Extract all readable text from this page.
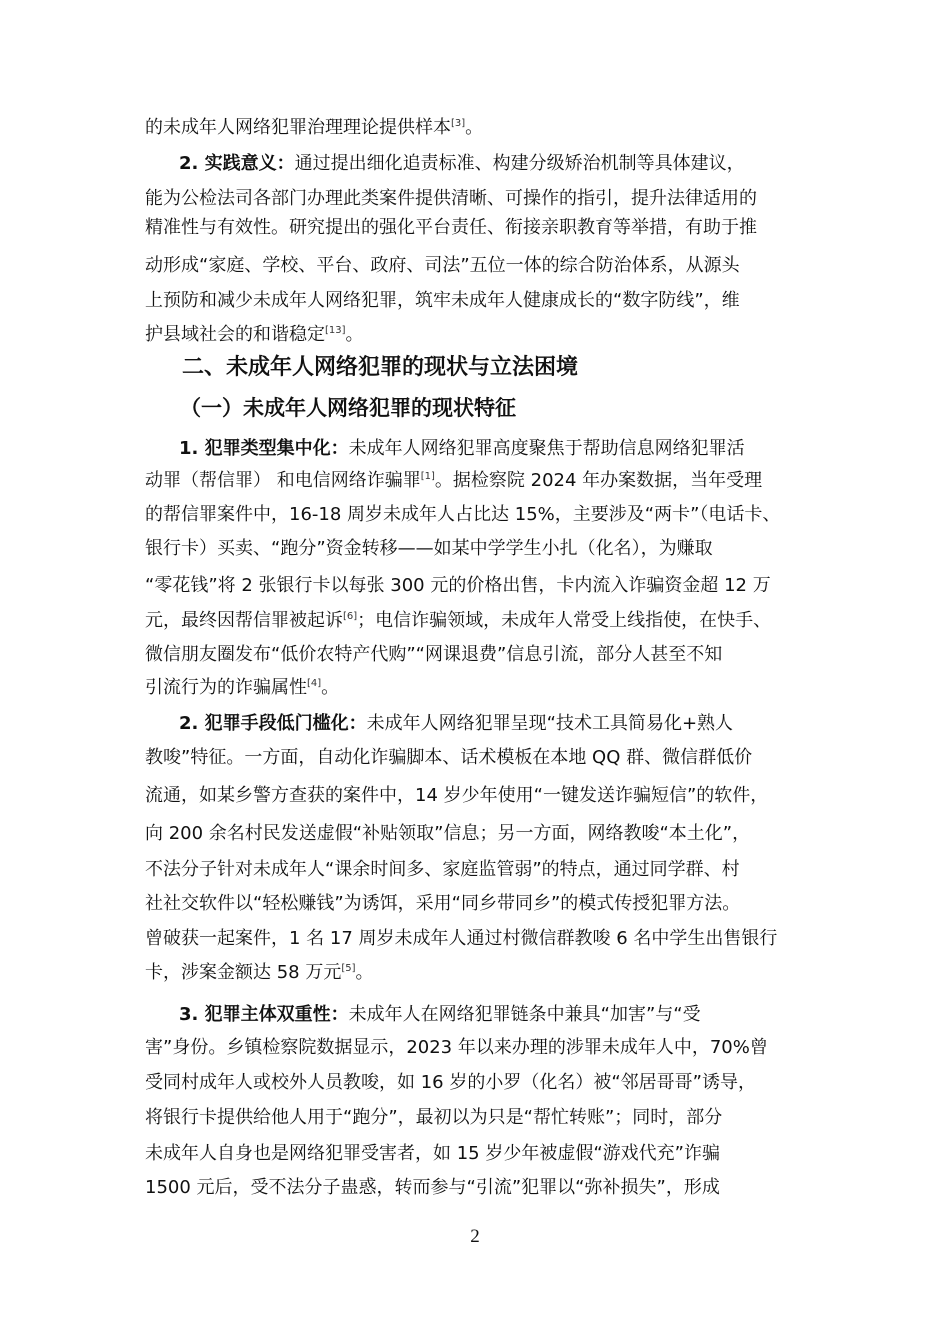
的未成年人网络犯罪治理理论提供样本[3]。
2. 实践意义：通过提出细化追责标准、构建分级矫治机制等具体建议，
能为公检法司各部门办理此类案件提供清晰、可操作的指引，提升法律适用的
精准性与有效性。研究提出的强化平台责任、衔接亲职教育等举措，有助于推
动形成“家庭、学校、平台、政府、司法”五位一体的综合防治体系，从源头
上预防和减少未成年人网络犯罪，筑牢未成年人健康成长的“数字防线”，维
护县域社会的和谐稳定[13]。
二、未成年人网络犯罪的现状与立法困境
（一）未成年人网络犯罪的现状特征
1. 犯罪类型集中化：未成年人网络犯罪高度聚焦于帮助信息网络犯罪活
动罪（帮信罪） 和电信网络诈骗罪[1]。据检察院 2024 年办案数据，当年受理
的帮信罪案件中，16-18 周岁未成年人占比达 15%，主要涉及“两卡”（电话卡、
银行卡）买卖、“跑分”资金转移——如某中学学生小扎（化名），为赚取
“零花钱”将 2 张银行卡以每张 300 元的价格出售，卡内流入诈骗资金超 12 万
元，最终因帮信罪被起诉[6]；电信诈骗领域，未成年人常受上线指使，在快手、
微信朋友圈发布“低价农特产代购”“网课退费”信息引流，部分人甚至不知
引流行为的诈骗属性[4]。
2. 犯罪手段低门槛化：未成年人网络犯罪呈现“技术工具简易化+熟人
教唆”特征。一方面，自动化诈骗脚本、话术模板在本地 QQ 群、微信群低价
流通，如某乡警方查获的案件中，14 岁少年使用“一键发送诈骗短信”的软件，
向 200 余名村民发送虚假“补贴领取”信息；另一方面，网络教唆“本土化”，
不法分子针对未成年人“课余时间多、家庭监管弱”的特点，通过同学群、村
社社交软件以“轻松赚钱”为诱饵，采用“同乡带同乡”的模式传授犯罪方法。
曾破获一起案件，1 名 17 周岁未成年人通过村微信群教唆 6 名中学生出售银行
卡，涉案金额达 58 万元[5]。
3. 犯罪主体双重性：未成年人在网络犯罪链条中兼具“加害”与“受
害”身份。乡镇检察院数据显示，2023 年以来办理的涉罪未成年人中，70%曾
受同村成年人或校外人员教唆，如 16 岁的小罗（化名）被“邻居哥哥”诱导，
将银行卡提供给他人用于“跑分”，最初以为只是“帮忙转账”；同时，部分
未成年人自身也是网络犯罪受害者，如 15 岁少年被虚假“游戏代充”诈骗
1500 元后，受不法分子蛊惑，转而参与“引流”犯罪以“弥补损失”，形成
2
